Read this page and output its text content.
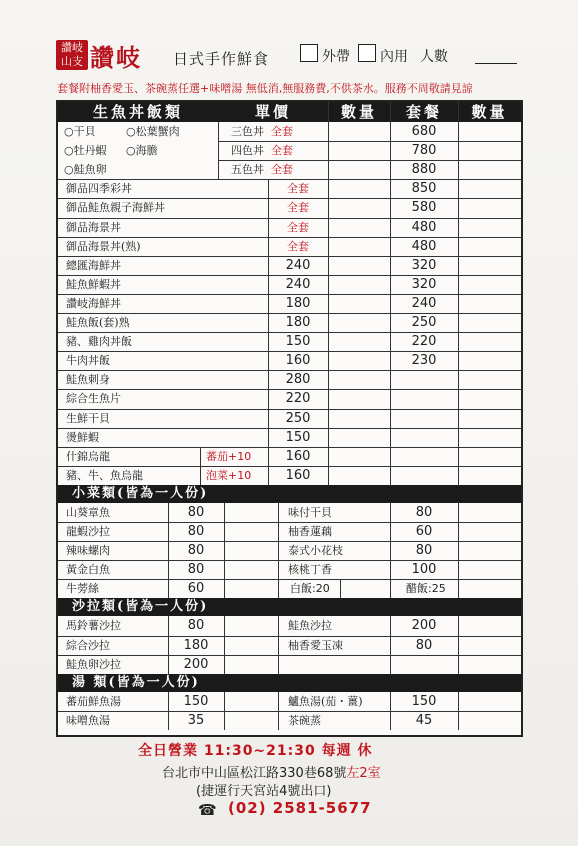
讚岐
山支 讚岐 日式手作鮮食	外帶 內用 人數
套餐附柚香愛玉、茶碗蒸任選+味噌湯 無低消,無服務費,不供茶水。服務不周敬請見諒
生魚丼飯類	單價	數量	套餐	數量
○干貝	○松葉蟹肉
○牡丹蝦 ○海膽
○鮭魚卵
三色丼 全套	680
四色丼 全套	780
五色丼 全套	880
御品四季彩丼	全套	850
御品鮭魚親子海鮮丼	全套	580
御品海景丼	全套	480
御品海景丼(熟)	全套	480
總匯海鮮丼	240	320
鮭魚鮮蝦丼	240	320
讚岐海鮮丼	180	240
鮭魚飯(套)熟	180	250
豬、雞肉丼飯	150	220
牛肉丼飯	160	230
鮭魚刺身	280
綜合生魚片	220
生鮮干貝	250
燙鮮蝦	150
什錦烏龍	蕃茄+10	160
豬、牛、魚烏龍	泡菜+10	160
小菜類(皆為一人份)
山葵章魚	80	味付干貝	80
龍蝦沙拉	80	柚香蓮藕	60
辣味螺肉	80	泰式小花枝	80
黃金白魚	80	核桃丁香	100
牛蒡絲	60	白飯:20	醋飯:25
沙拉類(皆為一人份)
馬鈴薯沙拉	80	鮭魚沙拉	200
綜合沙拉	180	柚香愛玉凍	80
鮭魚卵沙拉	200
湯 類(皆為一人份)
蕃茄鮮魚湯	150	鱸魚湯(茄・薑)	150
味噌魚湯	35	茶碗蒸	45
全日營業 11:30~21:30 每週 休
台北市中山區松江路330巷68號左2室
(捷運行天宮站4號出口)
☎ (02) 2581-5677
